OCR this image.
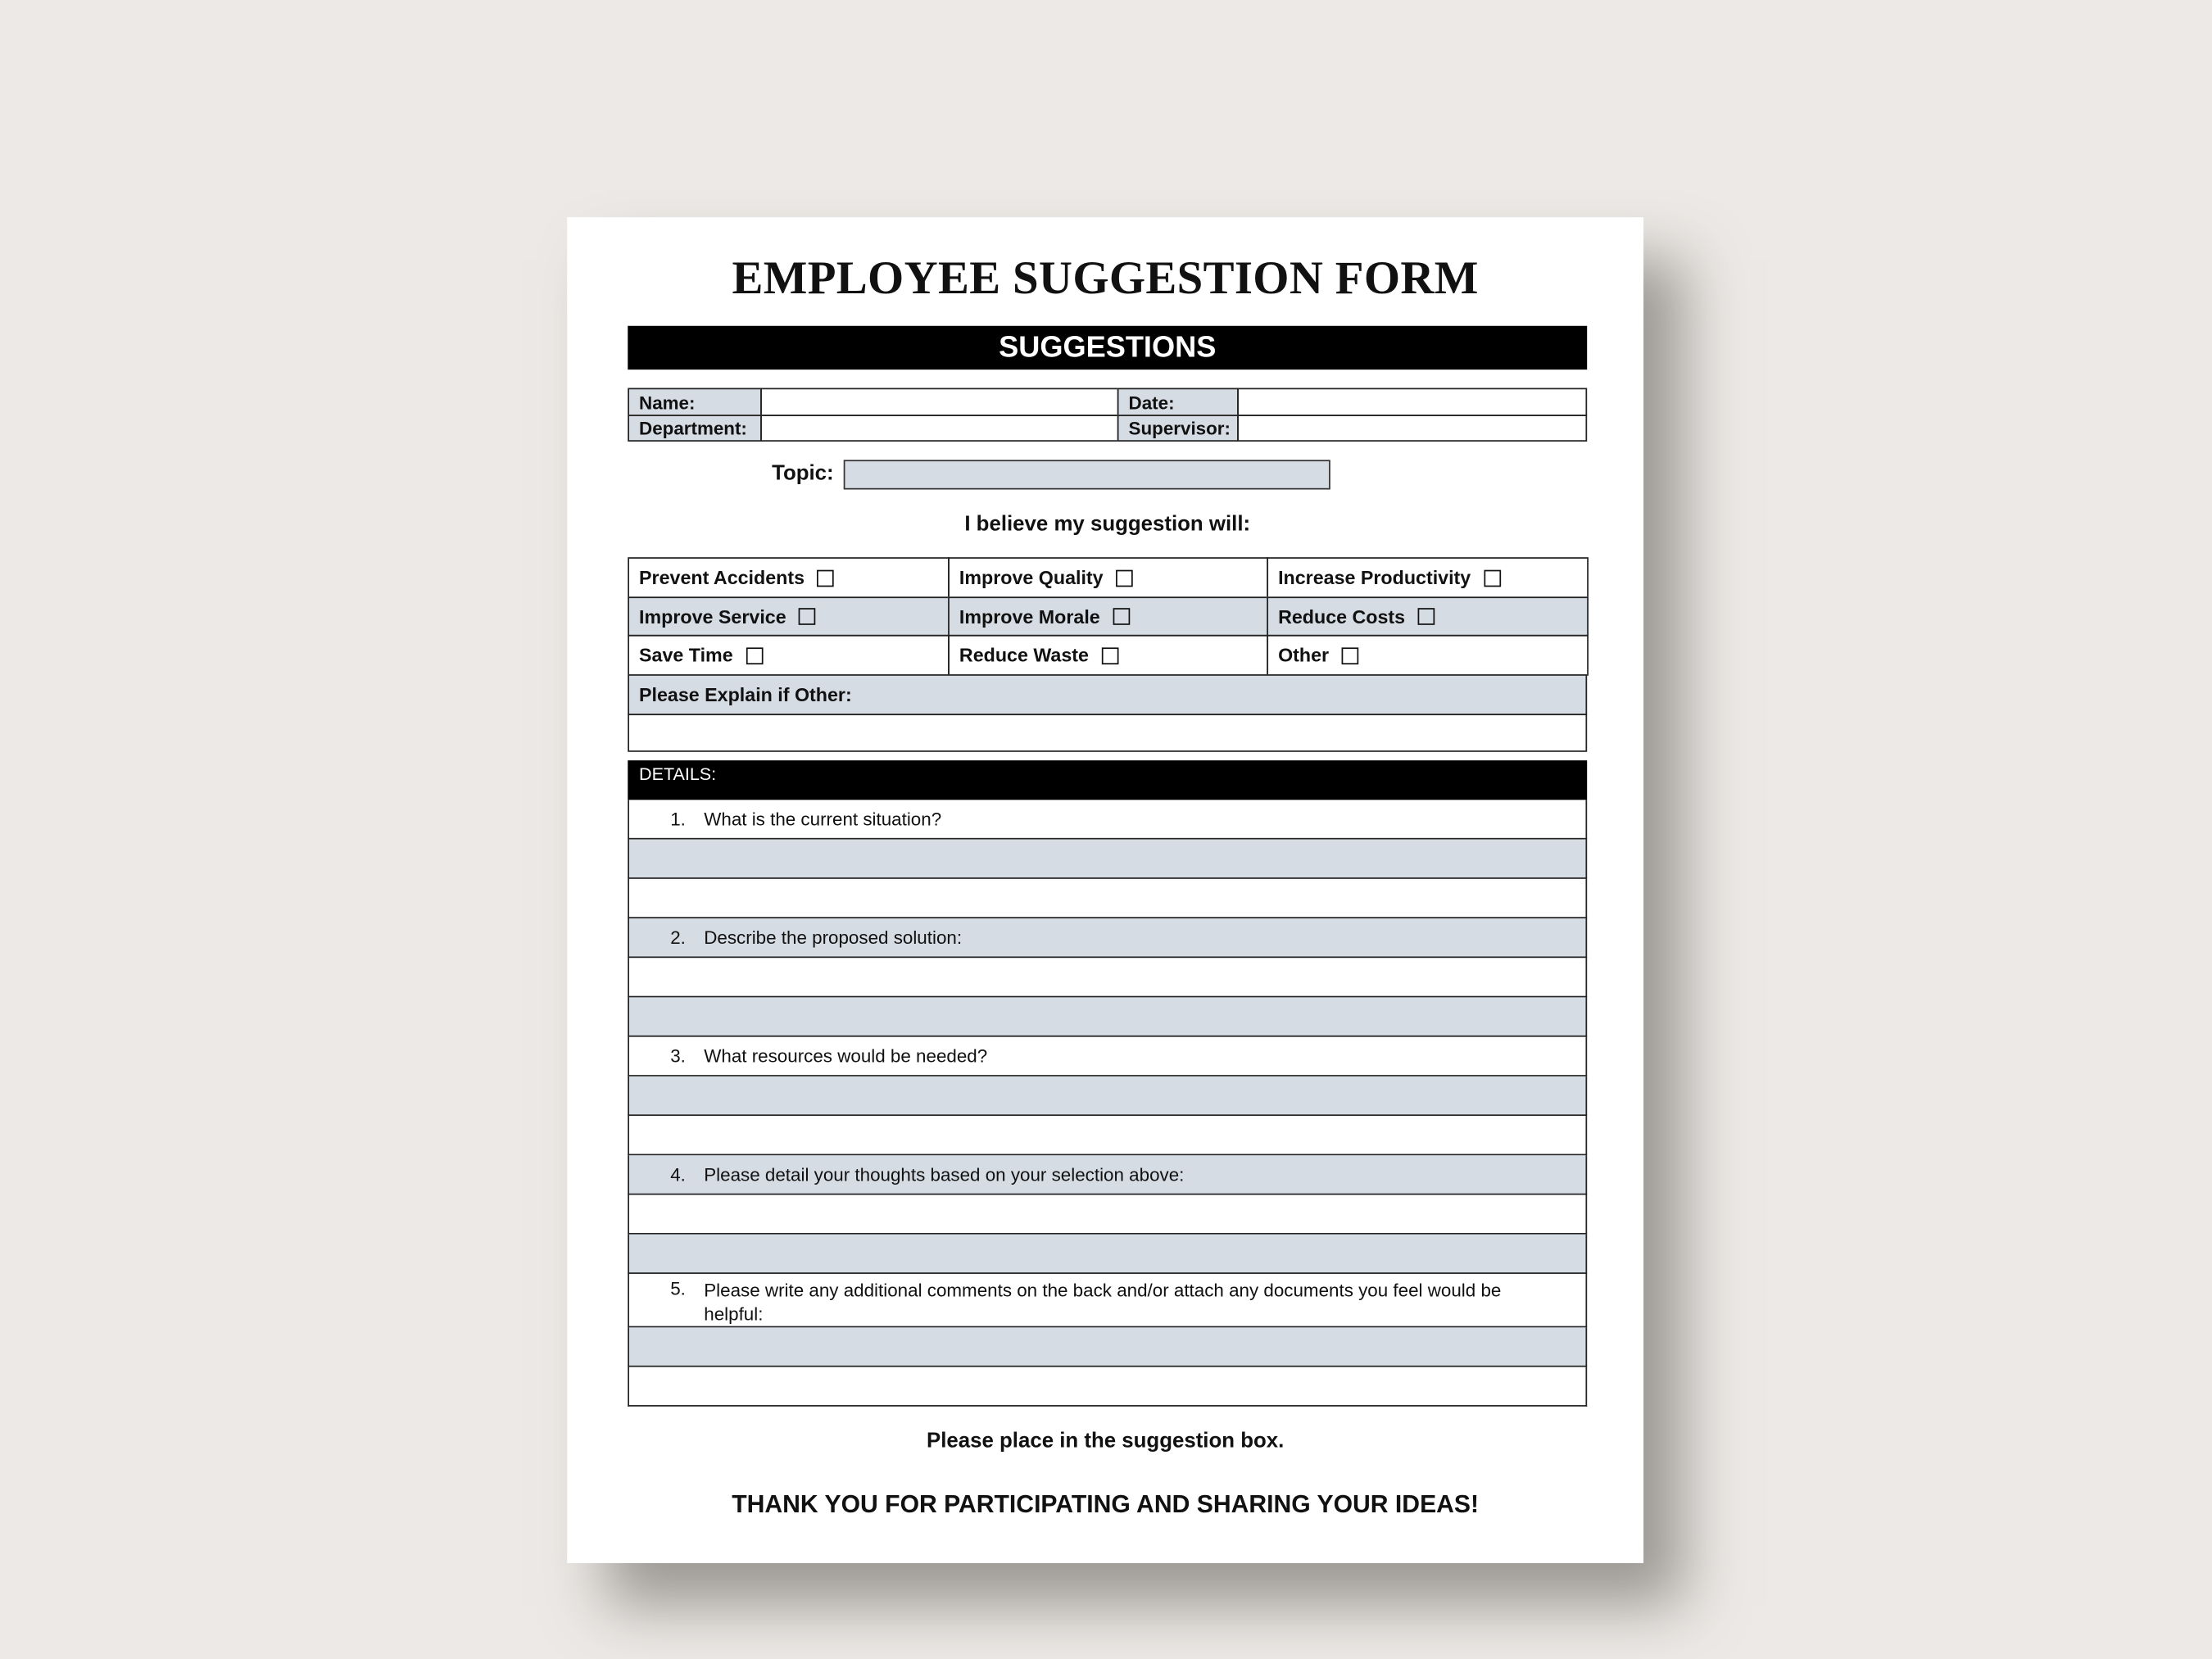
EMPLOYEE SUGGESTION FORM
SUGGESTIONS
Name:	Date:
Department:	Supervisor:
Topic:
I believe my suggestion will:
Prevent Accidents	Improve Quality	Increase Productivity
Improve Service	Improve Morale	Reduce Costs
Save Time	Reduce Waste	Other
Please Explain if Other:
DETAILS:
1.	What is the current situation?
2.	Describe the proposed solution:
3.	What resources would be needed?
4.	Please detail your thoughts based on your selection above:
5.	Please write any additional comments on the back and/or attach any documents you feel would be helpful:
Please place in the suggestion box.
THANK YOU FOR PARTICIPATING AND SHARING YOUR IDEAS!
